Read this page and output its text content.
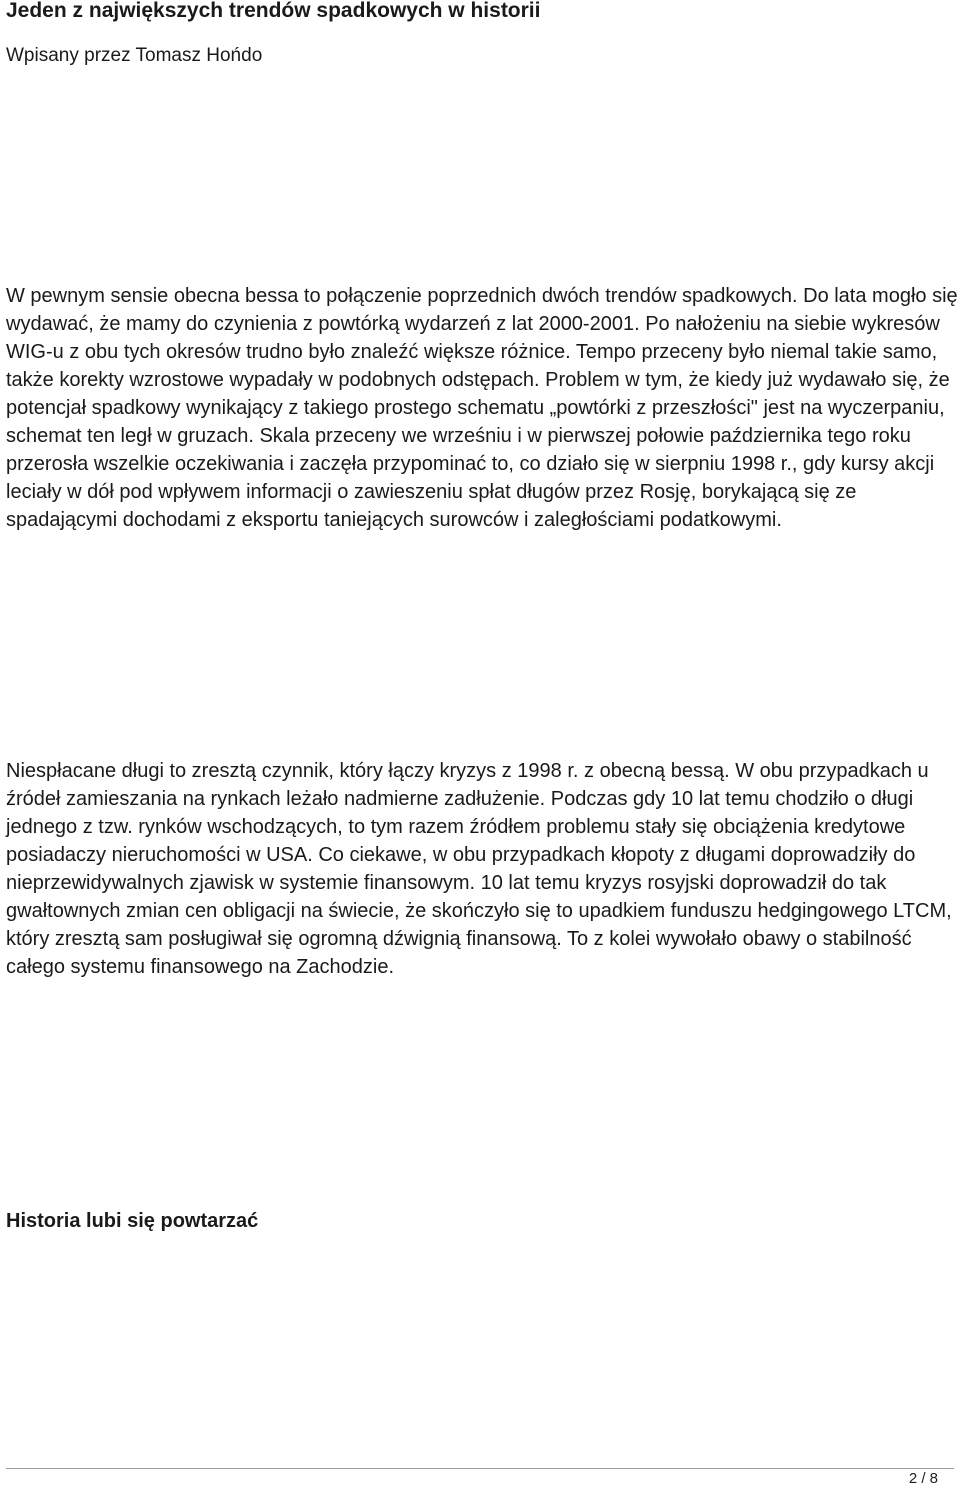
Jeden z największych trendów spadkowych w historii

Wpisany przez Tomasz Hońdo

W pewnym sensie obecna bessa to połączenie poprzednich dwóch trendów spadkowych. Do lata mogło się wydawać, że mamy do czynienia z powtórką wydarzeń z lat 2000-2001. Po nałożeniu na siebie wykresów WIG-u z obu tych okresów trudno było znaleźć większe różnice. Tempo przeceny było niemal takie samo, także korekty wzrostowe wypadały w podobnych odstępach. Problem w tym, że kiedy już wydawało się, że potencjał spadkowy wynikający z takiego prostego schematu „powtórki z przeszłości" jest na wyczerpaniu, schemat ten legł w gruzach. Skala przeceny we wrześniu i w pierwszej połowie października tego roku przerosła wszelkie oczekiwania i zaczęła przypominać to, co działo się w sierpniu 1998 r., gdy kursy akcji leciały w dół pod wpływem informacji o zawieszeniu spłat długów przez Rosję, borykającą się ze spadającymi dochodami z eksportu taniejących surowców i zaległościami podatkowymi.

Niespłacane długi to zresztą czynnik, który łączy kryzys z 1998 r. z obecną bessą. W obu przypadkach u źródeł zamieszania na rynkach leżało nadmierne zadłużenie. Podczas gdy 10 lat temu chodziło o długi jednego z tzw. rynków wschodzących, to tym razem źródłem problemu stały się obciążenia kredytowe posiadaczy nieruchomości w USA. Co ciekawe, w obu przypadkach kłopoty z długami doprowadziły do nieprzewidywalnych zjawisk w systemie finansowym. 10 lat temu kryzys rosyjski doprowadził do tak gwałtownych zmian cen obligacji na świecie, że skończyło się to upadkiem funduszu hedgingowego LTCM, który zresztą sam posługiwał się ogromną dźwignią finansową. To z kolei wywołało obawy o stabilność całego systemu finansowego na Zachodzie.

Historia lubi się powtarzać
2 / 8
